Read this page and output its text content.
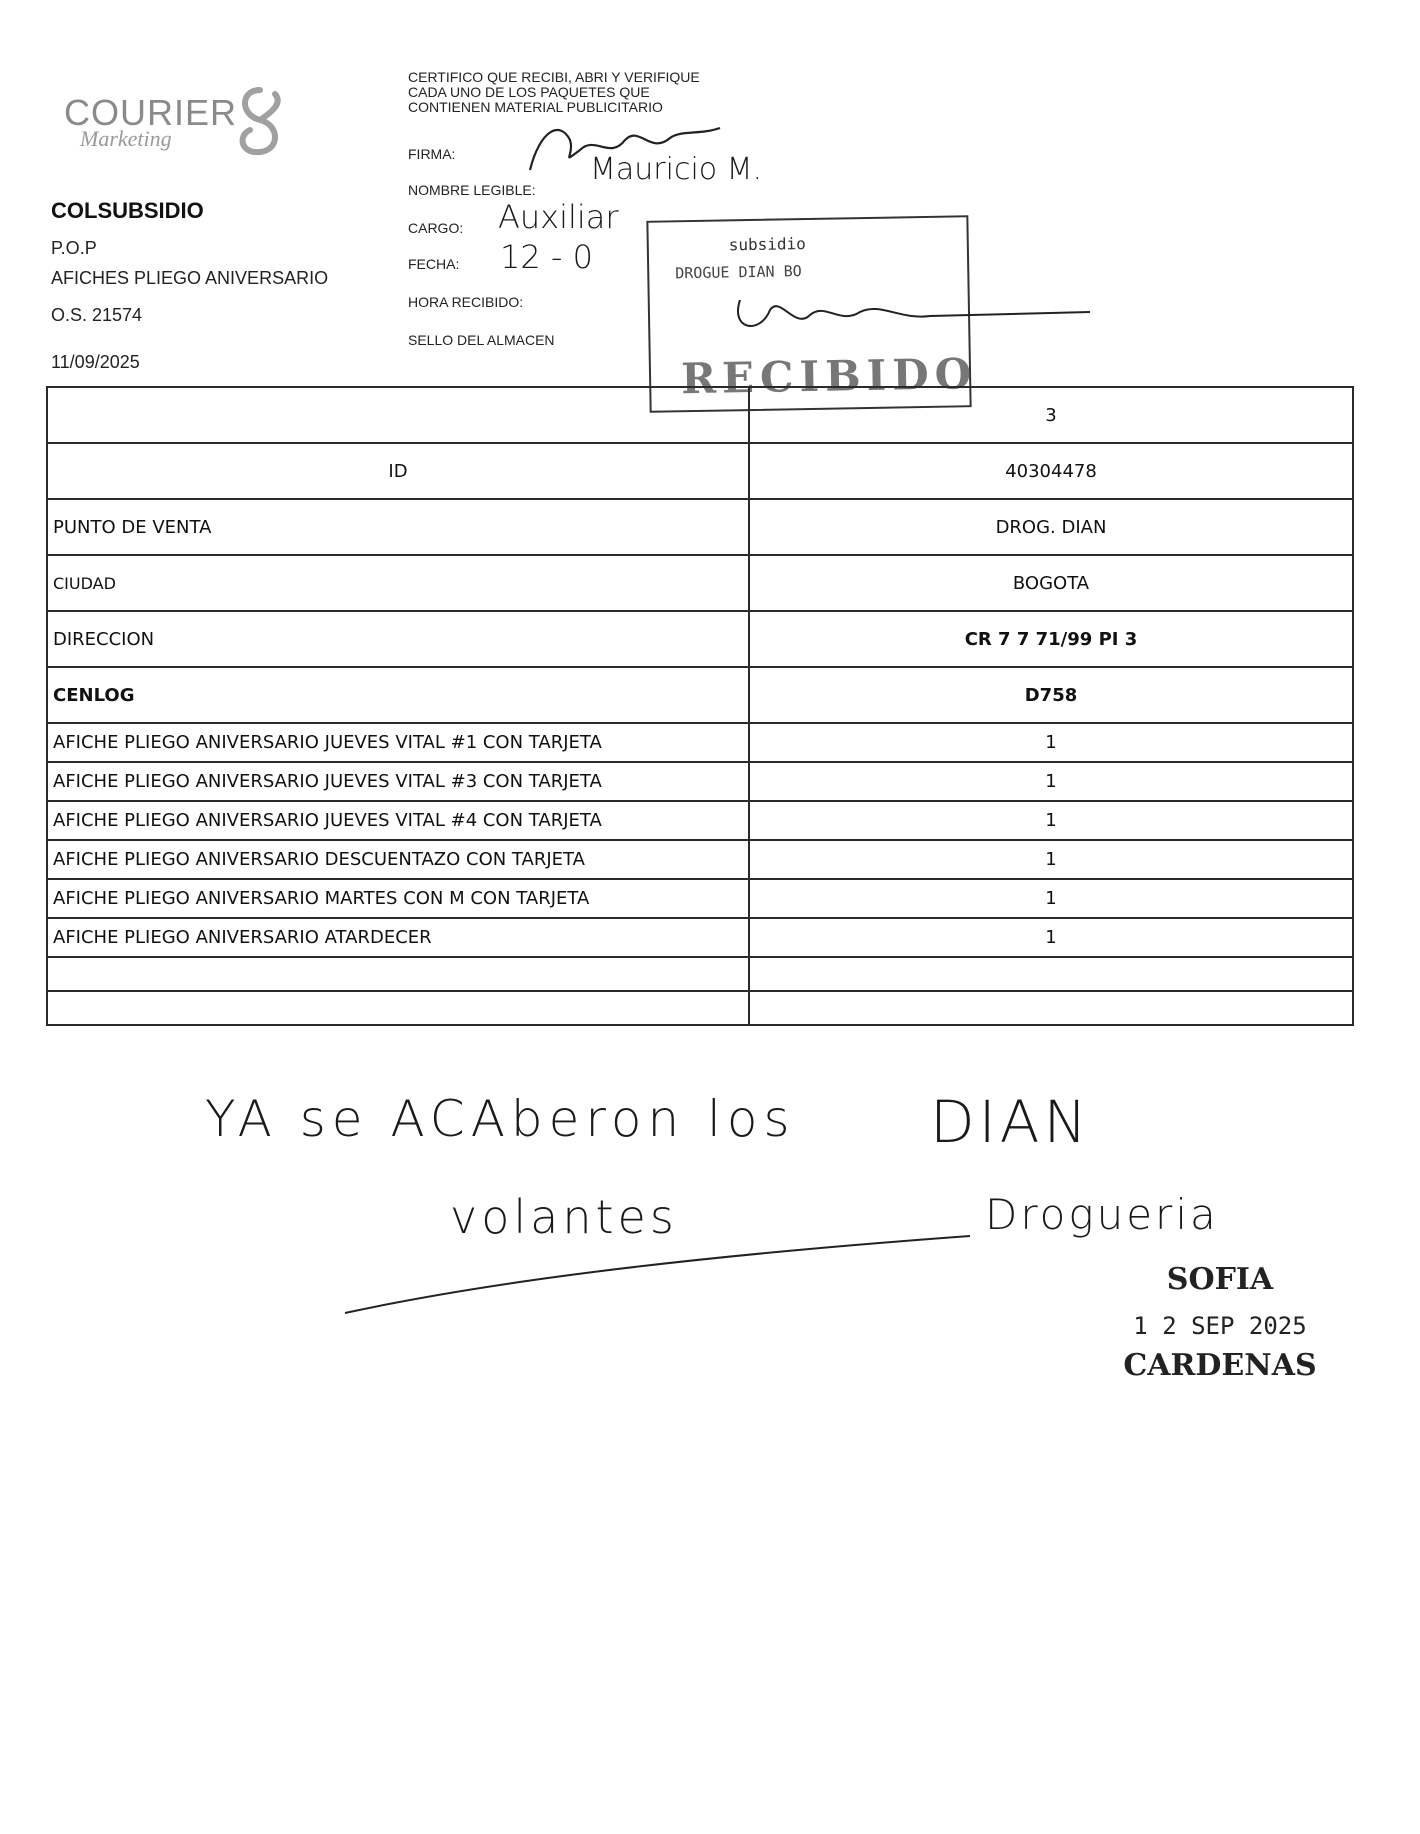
COURIER
Marketing
COLSUBSIDIO
P.O.P
AFICHES PLIEGO ANIVERSARIO
O.S. 21574
11/09/2025
CERTIFICO QUE RECIBI, ABRI Y VERIFIQUE
CADA UNO DE LOS PAQUETES QUE
CONTIENEN MATERIAL PUBLICITARIO
FIRMA:
NOMBRE LEGIBLE:
Mauricio M.
CARGO: Auxiliar
FECHA: 12 - 0
HORA RECIBIDO:
SELLO DEL ALMACEN
subsidio
DROGUE DIAN BO
RECIBIDO
	3
ID	40304478
PUNTO DE VENTA	DROG. DIAN
CIUDAD	BOGOTA
DIRECCION	CR 7 7 71/99 PI 3
CENLOG	D758
AFICHE PLIEGO ANIVERSARIO JUEVES VITAL #1 CON TARJETA	1
AFICHE PLIEGO ANIVERSARIO JUEVES VITAL #3 CON TARJETA	1
AFICHE PLIEGO ANIVERSARIO JUEVES VITAL #4 CON TARJETA	1
AFICHE PLIEGO ANIVERSARIO DESCUENTAZO CON TARJETA	1
AFICHE PLIEGO ANIVERSARIO MARTES CON M CON TARJETA	1
AFICHE PLIEGO ANIVERSARIO ATARDECER	1

YA se ACAberon los DIAN
volantes	Drogueria
SOFIA
1 2 SEP 2025
CARDENAS
